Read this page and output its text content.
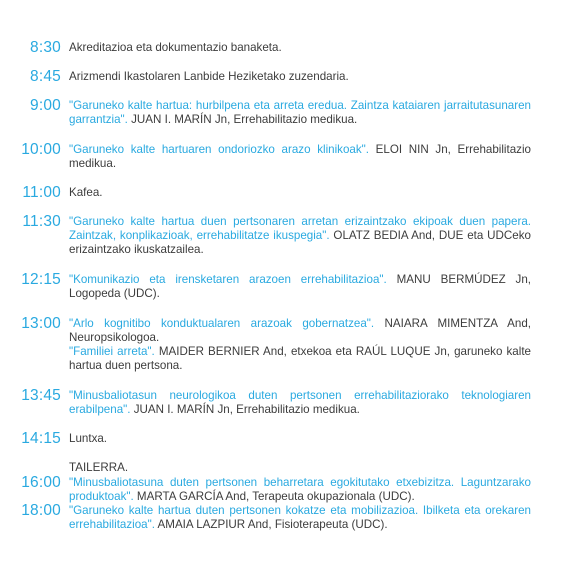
8:30 Akreditazioa eta dokumentazio banaketa.
8:45 Arizmendi Ikastolaren Lanbide Heziketako zuzendaria.
9:00 "Garuneko kalte hartua: hurbilpena eta arreta eredua. Zaintza kataiaren jarraitutasunaren garrantzia". JUAN I. MARÍN Jn, Errehabilitazio medikua.
10:00 "Garuneko kalte hartuaren ondoriozko arazo klinikoak". ELOI NIN Jn, Errehabilitazio medikua.
11:00 Kafea.
11:30 "Garuneko kalte hartua duen pertsonaren arretan erizaintzako ekipoak duen papera. Zaintzak, konplikazioak, errehabilitatze ikuspegia". OLATZ BEDIA And, DUE eta UDCeko erizaintzako ikuskatzailea.
12:15 "Komunikazio eta irensketaren arazoen errehabilitazioa". MANU BERMÚDEZ Jn, Logopeda (UDC).
13:00 "Arlo kognitibo konduktualaren arazoak gobernatzea". NAIARA MIMENTZA And, Neuropsikologoa.

"Familiei arreta". MAIDER BERNIER And, etxekoa eta RAÚL LUQUE Jn, garuneko kalte hartua duen pertsona.

13:45 "Minusbaliotasun neurologikoa duten pertsonen errehabilitaziorako teknologiaren erabilpena". JUAN I. MARÍN Jn, Errehabilitazio medikua.
14:15 Luntxa.
TAILERRA.
16:00 "Minusbaliotasuna duten pertsonen beharretara egokitutako etxebizitza. Laguntzarako produktoak". MARTA GARCÍA And, Terapeuta okupazionala (UDC).
18:00 "Garuneko kalte hartua duten pertsonen kokatze eta mobilizazioa. Ibilketa eta orekaren errehabilitazioa". AMAIA LAZPIUR And, Fisioterapeuta (UDC).
